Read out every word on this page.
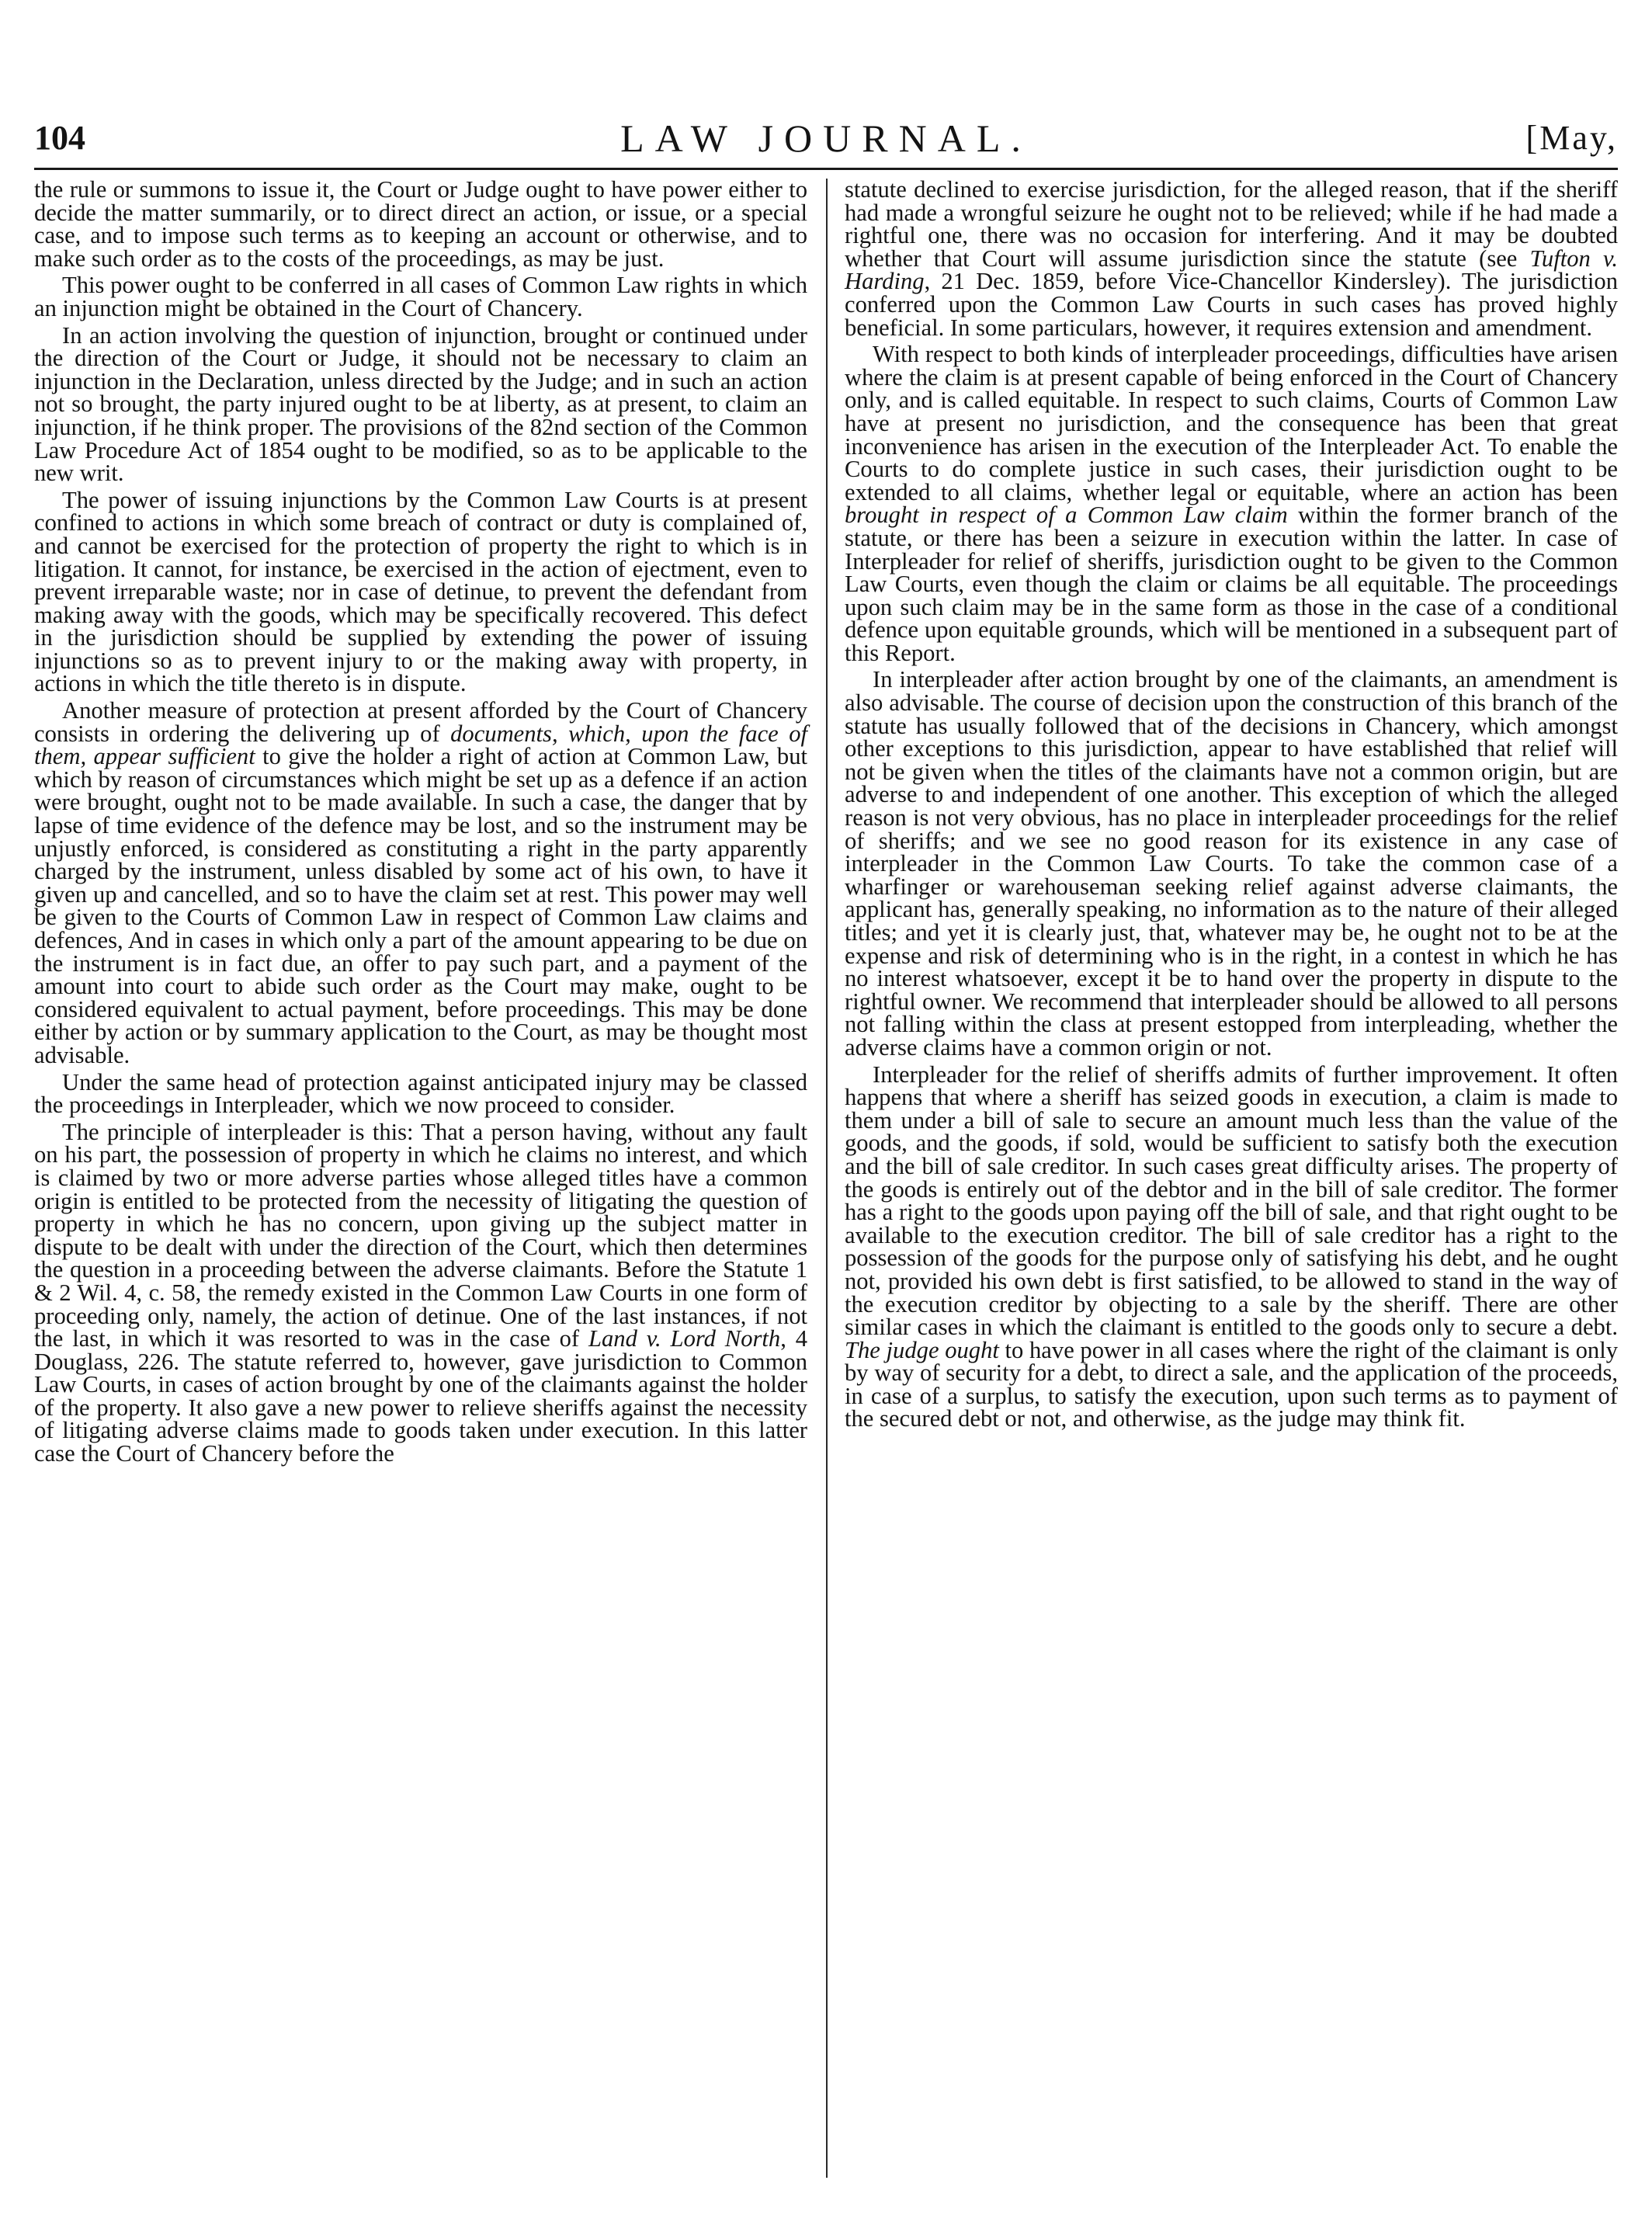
104	LAW JOURNAL.	[May,

the rule or summons to issue it, the Court or Judge ought to have power either to decide the matter summarily, or to direct direct an action, or issue, or a special case, and to impose such terms as to keeping an account or otherwise, and to make such order as to the costs of the proceedings, as may be just.

This power ought to be conferred in all cases of Common Law rights in which an injunction might be obtained in the Court of Chancery.

In an action involving the question of injunction, brought or continued under the direction of the Court or Judge, it should not be necessary to claim an injunction in the Declaration, unless directed by the Judge; and in such an action not so brought, the party injured ought to be at liberty, as at present, to claim an injunction, if he think proper. The provisions of the 82nd section of the Common Law Procedure Act of 1854 ought to be modified, so as to be applicable to the new writ.

The power of issuing injunctions by the Common Law Courts is at present confined to actions in which some breach of contract or duty is complained of, and cannot be exercised for the protection of property the right to which is in litigation. It cannot, for instance, be exercised in the action of ejectment, even to prevent irreparable waste; nor in case of detinue, to prevent the defendant from making away with the goods, which may be specifically recovered. This defect in the jurisdiction should be supplied by extending the power of issuing injunctions so as to prevent injury to or the making away with property, in actions in which the title thereto is in dispute.

Another measure of protection at present afforded by the Court of Chancery consists in ordering the delivering up of documents, which, upon the face of them, appear sufficient to give the holder a right of action at Common Law, but which by reason of circumstances which might be set up as a defence if an action were brought, ought not to be made available. In such a case, the danger that by lapse of time evidence of the defence may be lost, and so the instrument may be unjustly enforced, is considered as constituting a right in the party apparently charged by the instrument, unless disabled by some act of his own, to have it given up and cancelled, and so to have the claim set at rest. This power may well be given to the Courts of Common Law in respect of Common Law claims and defences, And in cases in which only a part of the amount appearing to be due on the instrument is in fact due, an offer to pay such part, and a payment of the amount into court to abide such order as the Court may make, ought to be considered equivalent to actual payment, before proceedings. This may be done either by action or by summary application to the Court, as may be thought most advisable.

Under the same head of protection against anticipated injury may be classed the proceedings in Interpleader, which we now proceed to consider.

The principle of interpleader is this: That a person having, without any fault on his part, the possession of property in which he claims no interest, and which is claimed by two or more adverse parties whose alleged titles have a common origin is entitled to be protected from the necessity of litigating the question of property in which he has no concern, upon giving up the subject matter in dispute to be dealt with under the direction of the Court, which then determines the question in a proceeding between the adverse claimants. Before the Statute 1 & 2 Wil. 4, c. 58, the remedy existed in the Common Law Courts in one form of proceeding only, namely, the action of detinue. One of the last instances, if not the last, in which it was resorted to was in the case of Land v. Lord North, 4 Douglass, 226. The statute referred to, however, gave jurisdiction to Common Law Courts, in cases of action brought by one of the claimants against the holder of the property. It also gave a new power to relieve sheriffs against the necessity of litigating adverse claims made to goods taken under execution. In this latter case the Court of Chancery before the

statute declined to exercise jurisdiction, for the alleged reason, that if the sheriff had made a wrongful seizure he ought not to be relieved; while if he had made a rightful one, there was no occasion for interfering. And it may be doubted whether that Court will assume jurisdiction since the statute (see Tufton v. Harding, 21 Dec. 1859, before Vice-Chancellor Kindersley). The jurisdiction conferred upon the Common Law Courts in such cases has proved highly beneficial. In some particulars, however, it requires extension and amendment.

With respect to both kinds of interpleader proceedings, difficulties have arisen where the claim is at present capable of being enforced in the Court of Chancery only, and is called equitable. In respect to such claims, Courts of Common Law have at present no jurisdiction, and the consequence has been that great inconvenience has arisen in the execution of the Interpleader Act. To enable the Courts to do complete justice in such cases, their jurisdiction ought to be extended to all claims, whether legal or equitable, where an action has been brought in respect of a Common Law claim within the former branch of the statute, or there has been a seizure in execution within the latter. In case of Interpleader for relief of sheriffs, jurisdiction ought to be given to the Common Law Courts, even though the claim or claims be all equitable. The proceedings upon such claim may be in the same form as those in the case of a conditional defence upon equitable grounds, which will be mentioned in a subsequent part of this Report.

In interpleader after action brought by one of the claimants, an amendment is also advisable. The course of decision upon the construction of this branch of the statute has usually followed that of the decisions in Chancery, which amongst other exceptions to this jurisdiction, appear to have established that relief will not be given when the titles of the claimants have not a common origin, but are adverse to and independent of one another. This exception of which the alleged reason is not very obvious, has no place in interpleader proceedings for the relief of sheriffs; and we see no good reason for its existence in any case of interpleader in the Common Law Courts. To take the common case of a wharfinger or warehouseman seeking relief against adverse claimants, the applicant has, generally speaking, no information as to the nature of their alleged titles; and yet it is clearly just, that, whatever may be, he ought not to be at the expense and risk of determining who is in the right, in a contest in which he has no interest whatsoever, except it be to hand over the property in dispute to the rightful owner. We recommend that interpleader should be allowed to all persons not falling within the class at present estopped from interpleading, whether the adverse claims have a common origin or not.

Interpleader for the relief of sheriffs admits of further improvement. It often happens that where a sheriff has seized goods in execution, a claim is made to them under a bill of sale to secure an amount much less than the value of the goods, and the goods, if sold, would be sufficient to satisfy both the execution and the bill of sale creditor. In such cases great difficulty arises. The property of the goods is entirely out of the debtor and in the bill of sale creditor. The former has a right to the goods upon paying off the bill of sale, and that right ought to be available to the execution creditor. The bill of sale creditor has a right to the possession of the goods for the purpose only of satisfying his debt, and he ought not, provided his own debt is first satisfied, to be allowed to stand in the way of the execution creditor by objecting to a sale by the sheriff. There are other similar cases in which the claimant is entitled to the goods only to secure a debt. The judge ought to have power in all cases where the right of the claimant is only by way of security for a debt, to direct a sale, and the application of the proceeds, in case of a surplus, to satisfy the execution, upon such terms as to payment of the secured debt or not, and otherwise, as the judge may think fit.
